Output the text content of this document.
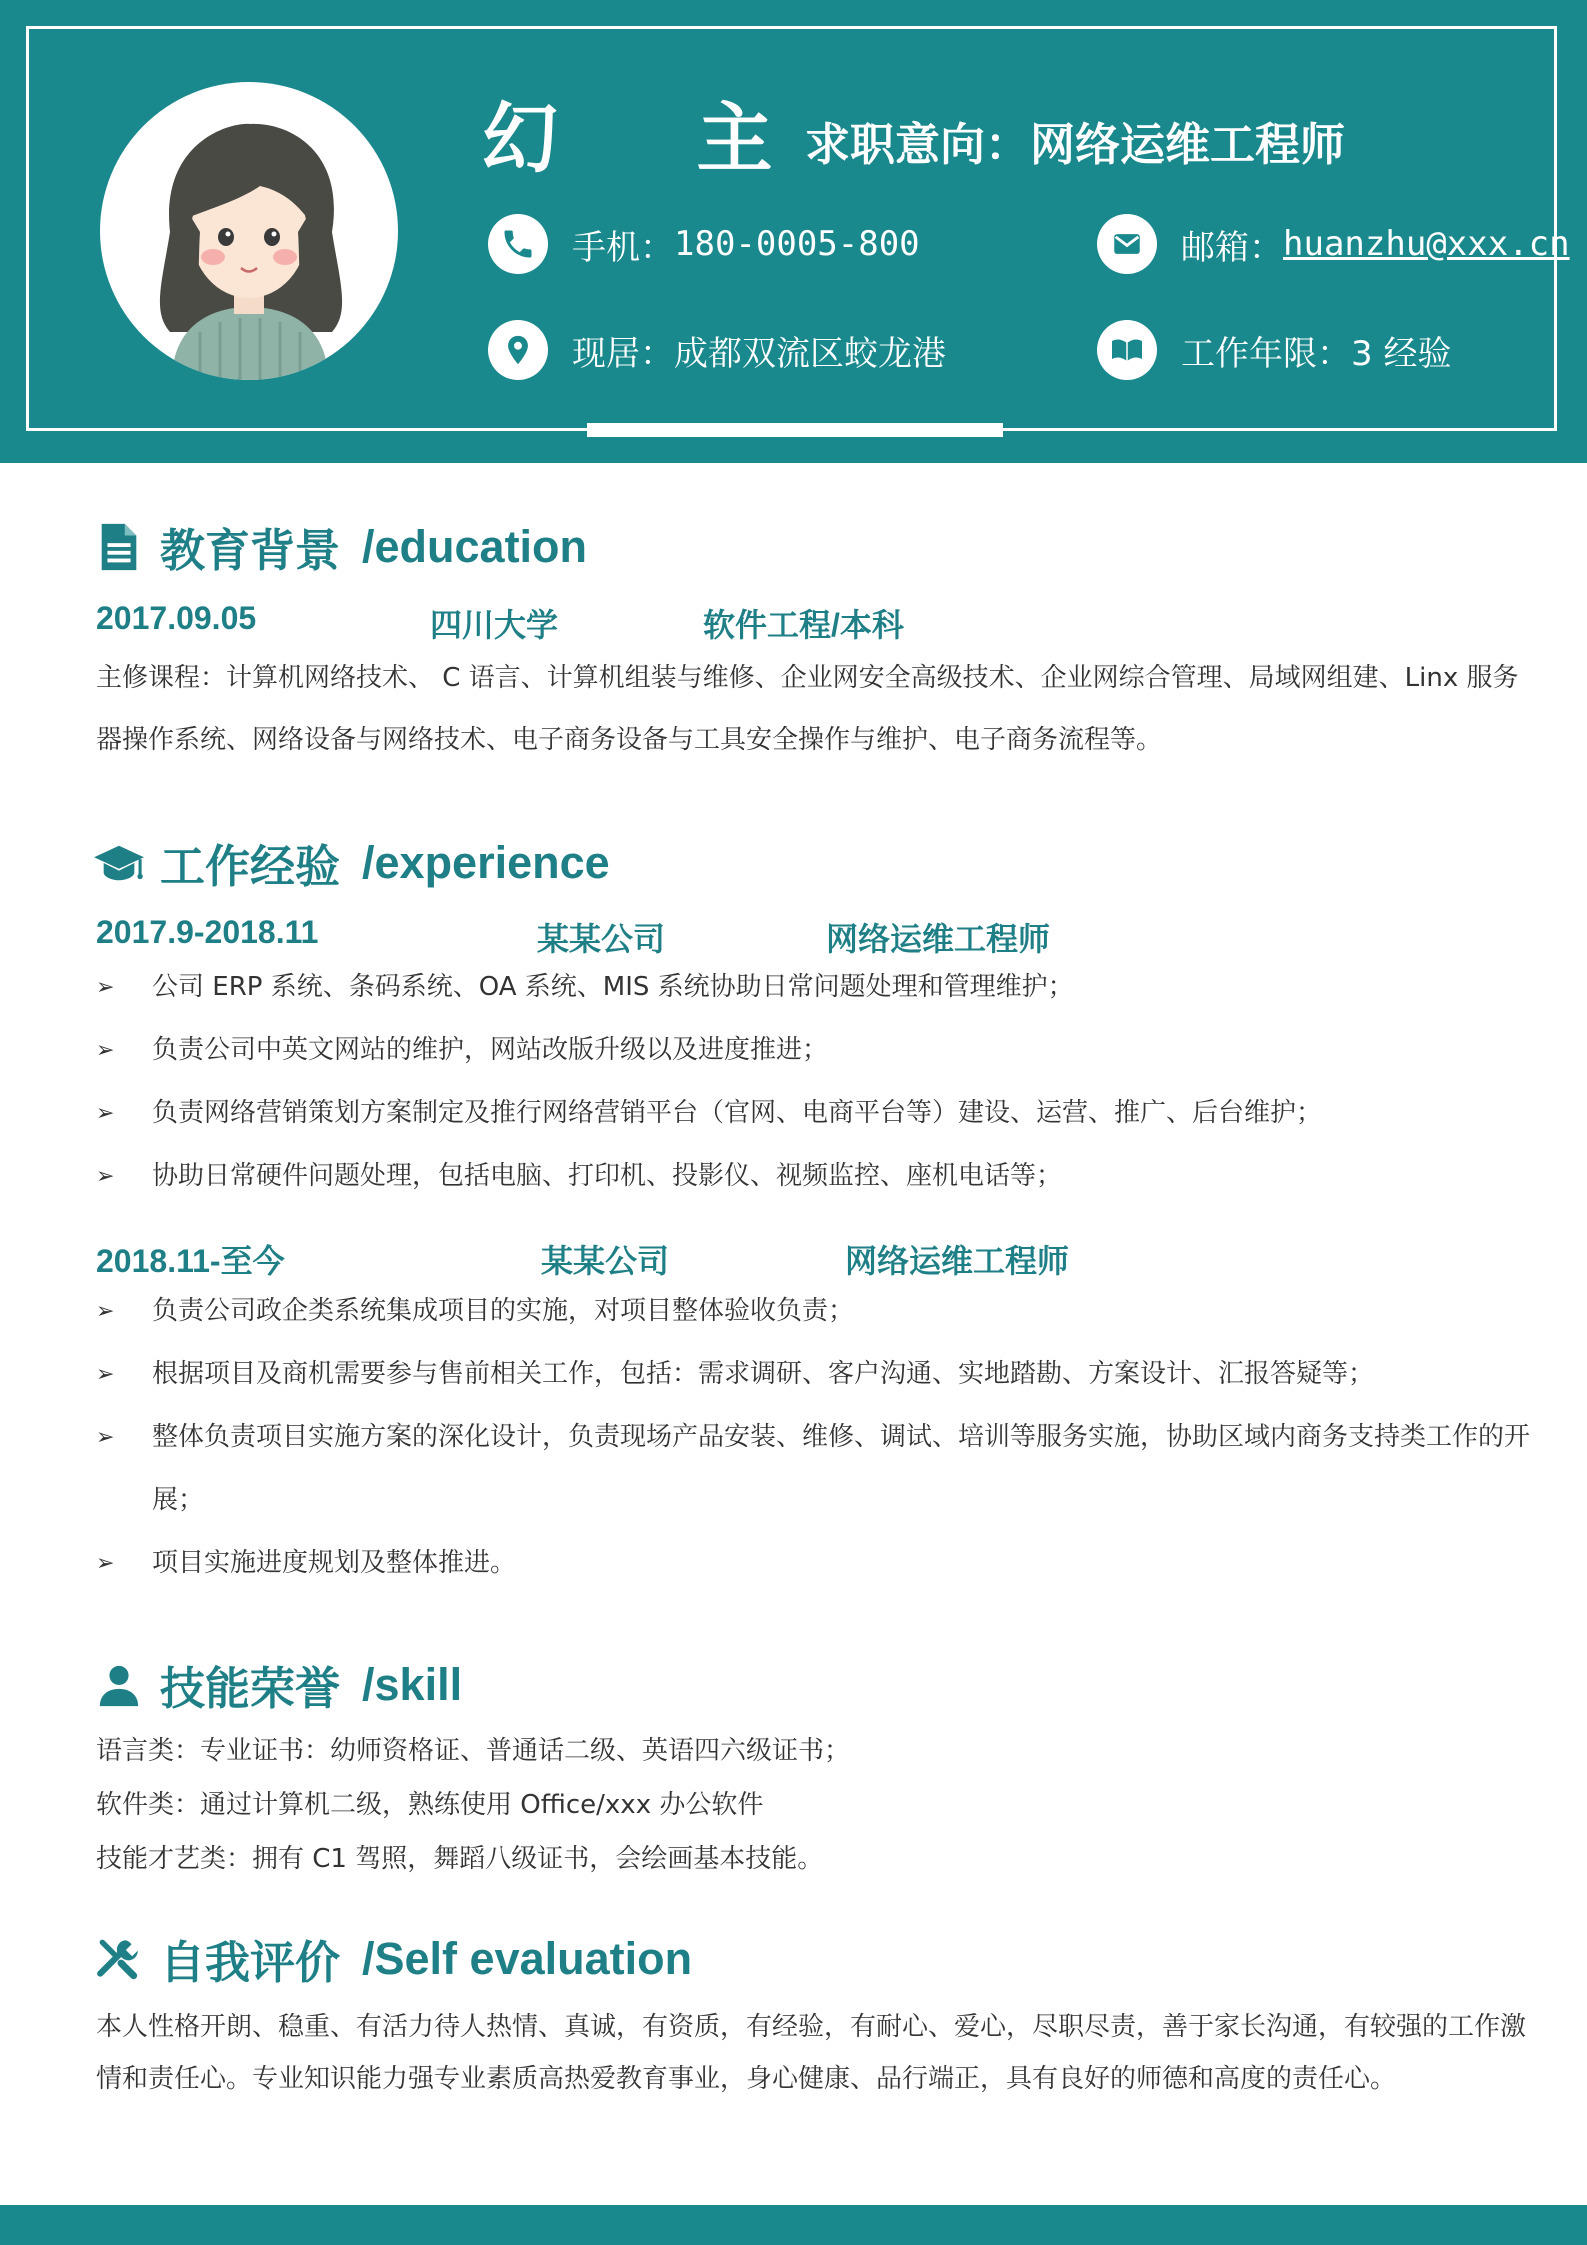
幻 主
求职意向：网络运维工程师
手机： 180-0005-800	邮箱： huanzhu@xxx.cn
现居： 成都双流区蛟龙港	工作年限： 3 经验
教育背景 /education
2017.09.05	四川大学	软件工程/本科
主修课程：计算机网络技术、 C 语言、计算机组装与维修、企业网安全高级技术、企业网综合管理、局域网组建、Linx 服务器操作系统、网络设备与网络技术、电子商务设备与工具安全操作与维护、电子商务流程等。
工作经验 /experience
2017.9-2018.11	某某公司	网络运维工程师
➢ 公司 ERP 系统、条码系统、OA 系统、MIS 系统协助日常问题处理和管理维护；
➢ 负责公司中英文网站的维护，网站改版升级以及进度推进；
➢ 负责网络营销策划方案制定及推行网络营销平台（官网、电商平台等）建设、运营、推广、后台维护；
➢ 协助日常硬件问题处理，包括电脑、打印机、投影仪、视频监控、座机电话等；
2018.11-至今	某某公司	网络运维工程师
➢ 负责公司政企类系统集成项目的实施，对项目整体验收负责；
➢ 根据项目及商机需要参与售前相关工作，包括：需求调研、客户沟通、实地踏勘、方案设计、汇报答疑等；
➢ 整体负责项目实施方案的深化设计，负责现场产品安装、维修、调试、培训等服务实施，协助区域内商务支持类工作的开展；
➢ 项目实施进度规划及整体推进。
技能荣誉 /skill
语言类：专业证书：幼师资格证、普通话二级、英语四六级证书；
软件类：通过计算机二级，熟练使用 Office/xxx 办公软件
技能才艺类：拥有 C1 驾照，舞蹈八级证书，会绘画基本技能。
自我评价 /Self evaluation
本人性格开朗、稳重、有活力待人热情、真诚，有资质，有经验，有耐心、爱心，尽职尽责，善于家长沟通，有较强的工作激情和责任心。专业知识能力强专业素质高热爱教育事业，身心健康、品行端正，具有良好的师德和高度的责任心。
